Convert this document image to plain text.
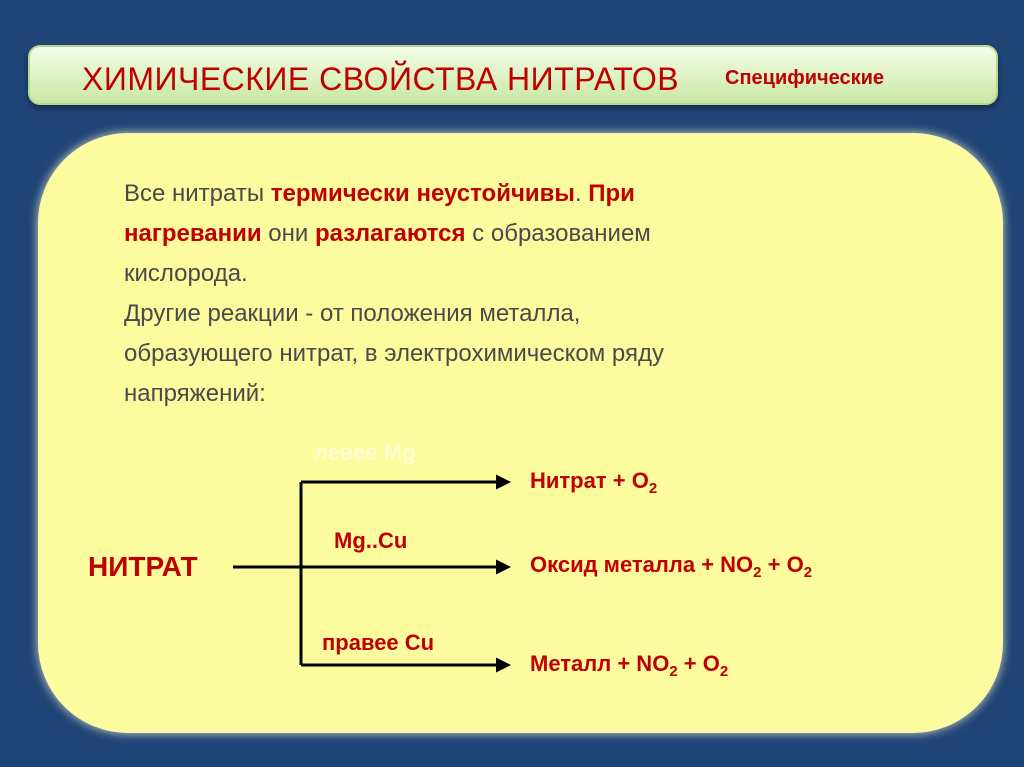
ХИМИЧЕСКИЕ СВОЙСТВА НИТРАТОВ Специфические
Все нитраты термически неустойчивы. При
нагревании они разлагаются с образованием
кислорода.
Другие реакции - от положения металла,
образующего нитрат, в электрохимическом ряду
напряжений:
НИТРАТ
левее Mg
Mg..Cu
правее Cu
Нитрат + $O_2$
Оксид металла + $NO_2 + O_2$
Металл + $NO_2 + O_2$
